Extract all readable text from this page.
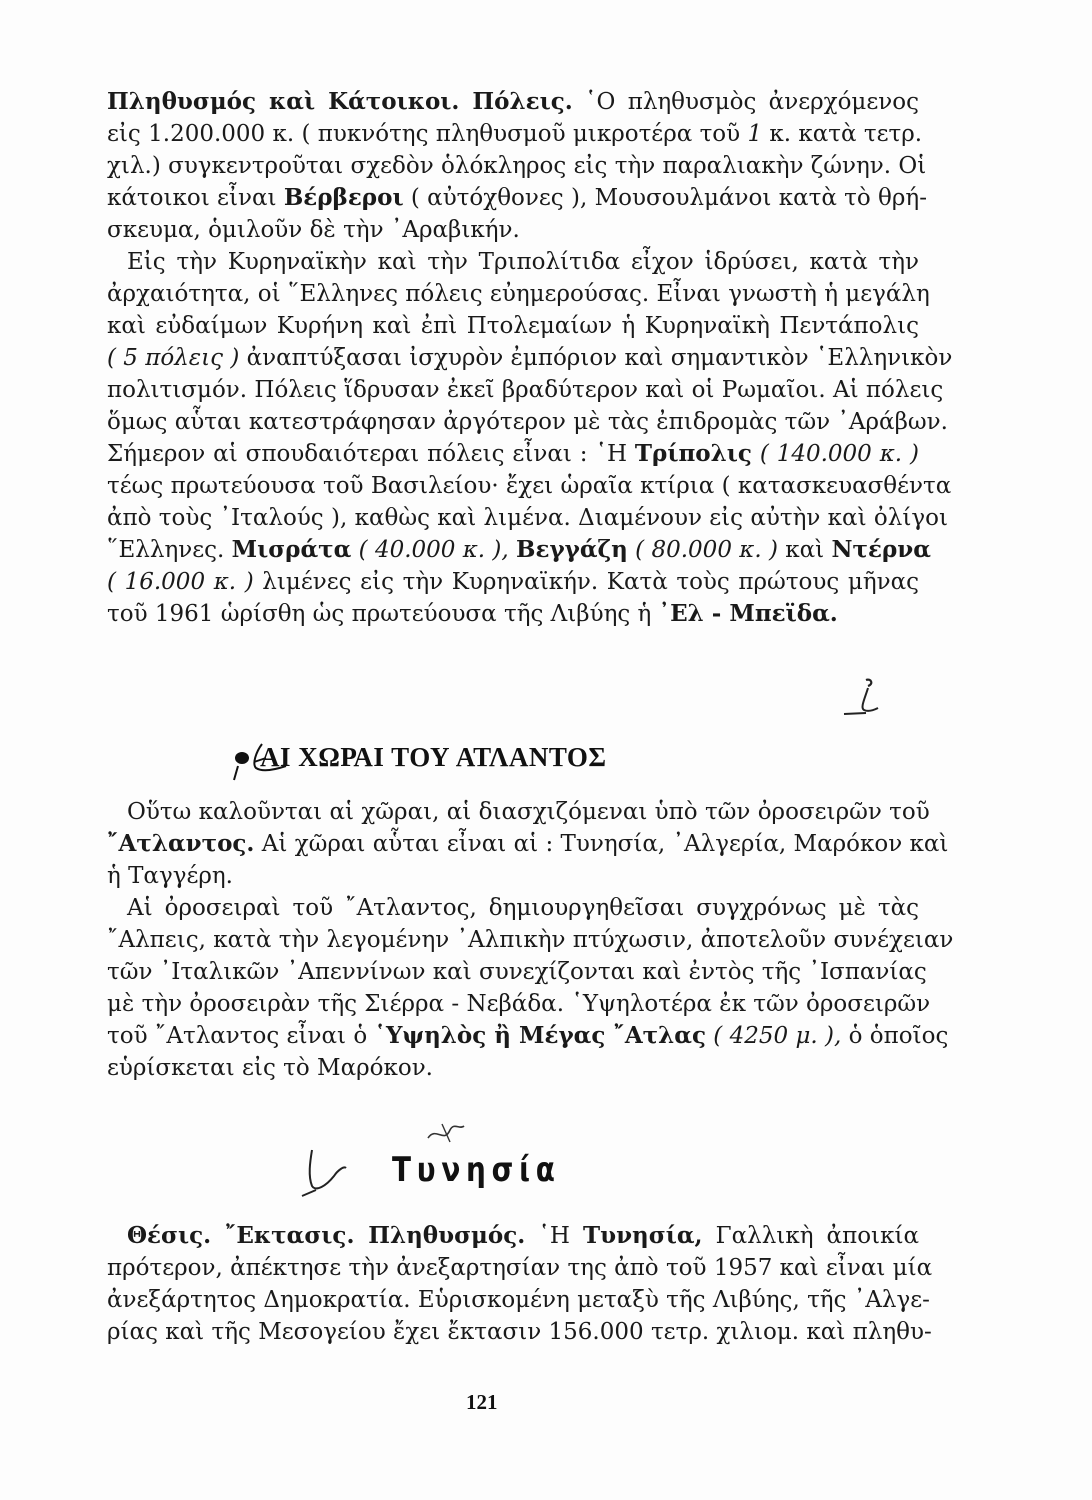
Πληθυσμός καὶ Κάτοικοι. Πόλεις. ῾Ο πληθυσμὸς ἀνερχόμενος
εἰς 1.200.000 κ. ( πυκνότης πληθυσμοῦ μικροτέρα τοῦ 1 κ. κατὰ τετρ.
χιλ.) συγκεντροῦται σχεδὸν ὁλόκληρος εἰς τὴν παραλιακὴν ζώνην. Οἱ
κάτοικοι εἶναι Βέρβεροι ( αὐτόχθονες ), Μουσουλμάνοι κατὰ τὸ θρή-
σκευμα, ὁμιλοῦν δὲ τὴν ᾿Αραβικήν.
Εἰς τὴν Κυρηναϊκὴν καὶ τὴν Τριπολίτιδα εἶχον ἱδρύσει, κατὰ τὴν
ἀρχαιότητα, οἱ ῞Ελληνες πόλεις εὐημερούσας. Εἶναι γνωστὴ ἡ μεγάλη
καὶ εὐδαίμων Κυρήνη καὶ ἐπὶ Πτολεμαίων ἡ Κυρηναϊκὴ Πεντάπολις
( 5 πόλεις ) ἀναπτύξασαι ἰσχυρὸν ἐμπόριον καὶ σημαντικὸν ῾Ελληνικὸν
πολιτισμόν. Πόλεις ἵδρυσαν ἐκεῖ βραδύτερον καὶ οἱ Ρωμαῖοι. Αἱ πόλεις
ὅμως αὗται κατεστράφησαν ἀργότερον μὲ τὰς ἐπιδρομὰς τῶν ᾿Αράβων.
Σήμερον αἱ σπουδαιότεραι πόλεις εἶναι : ῾Η Τρίπολις ( 140.000 κ. )
τέως πρωτεύουσα τοῦ Βασιλείου· ἔχει ὡραῖα κτίρια ( κατασκευασθέντα
ἀπὸ τοὺς ᾿Ιταλούς ), καθὼς καὶ λιμένα. Διαμένουν εἰς αὐτὴν καὶ ὀλίγοι
῞Ελληνες. Μισράτα ( 40.000 κ. ), Βεγγάζη ( 80.000 κ. ) καὶ Ντέρνα
( 16.000 κ. ) λιμένες εἰς τὴν Κυρηναϊκήν. Κατὰ τοὺς πρώτους μῆνας
τοῦ 1961 ὡρίσθη ὡς πρωτεύουσα τῆς Λιβύης ἡ ᾿Ελ - Μπεϊδα.
ΑΙ ΧΩΡΑΙ ΤΟΥ ΑΤΛΑΝΤΟΣ
Οὕτω καλοῦνται αἱ χῶραι, αἱ διασχιζόμεναι ὑπὸ τῶν ὀροσειρῶν τοῦ
῎Ατλαντος. Αἱ χῶραι αὗται εἶναι αἱ : Τυνησία, ᾿Αλγερία, Μαρόκον καὶ
ἡ Ταγγέρη.
Αἱ ὀροσειραὶ τοῦ ῎Ατλαντος, δημιουργηθεῖσαι συγχρόνως μὲ τὰς
῎Αλπεις, κατὰ τὴν λεγομένην ᾿Αλπικὴν πτύχωσιν, ἀποτελοῦν συνέχειαν
τῶν ᾿Ιταλικῶν ᾿Απεννίνων καὶ συνεχίζονται καὶ ἐντὸς τῆς ᾿Ισπανίας
μὲ τὴν ὀροσειρὰν τῆς Σιέρρα - Νεβάδα. ῾Υψηλοτέρα ἐκ τῶν ὀροσειρῶν
τοῦ ῎Ατλαντος εἶναι ὁ ῾Υψηλὸς ἢ Μέγας ῎Ατλας ( 4250 μ. ), ὁ ὁποῖος
εὑρίσκεται εἰς τὸ Μαρόκον.
Τυνησία
Θέσις. ῎Εκτασις. Πληθυσμός. ῾Η Τυνησία, Γαλλικὴ ἀποικία
πρότερον, ἀπέκτησε τὴν ἀνεξαρτησίαν της ἀπὸ τοῦ 1957 καὶ εἶναι μία
ἀνεξάρτητος Δημοκρατία. Εὑρισκομένη μεταξὺ τῆς Λιβύης, τῆς ᾿Αλγε-
ρίας καὶ τῆς Μεσογείου ἔχει ἔκτασιν 156.000 τετρ. χιλιομ. καὶ πληθυ-
121
